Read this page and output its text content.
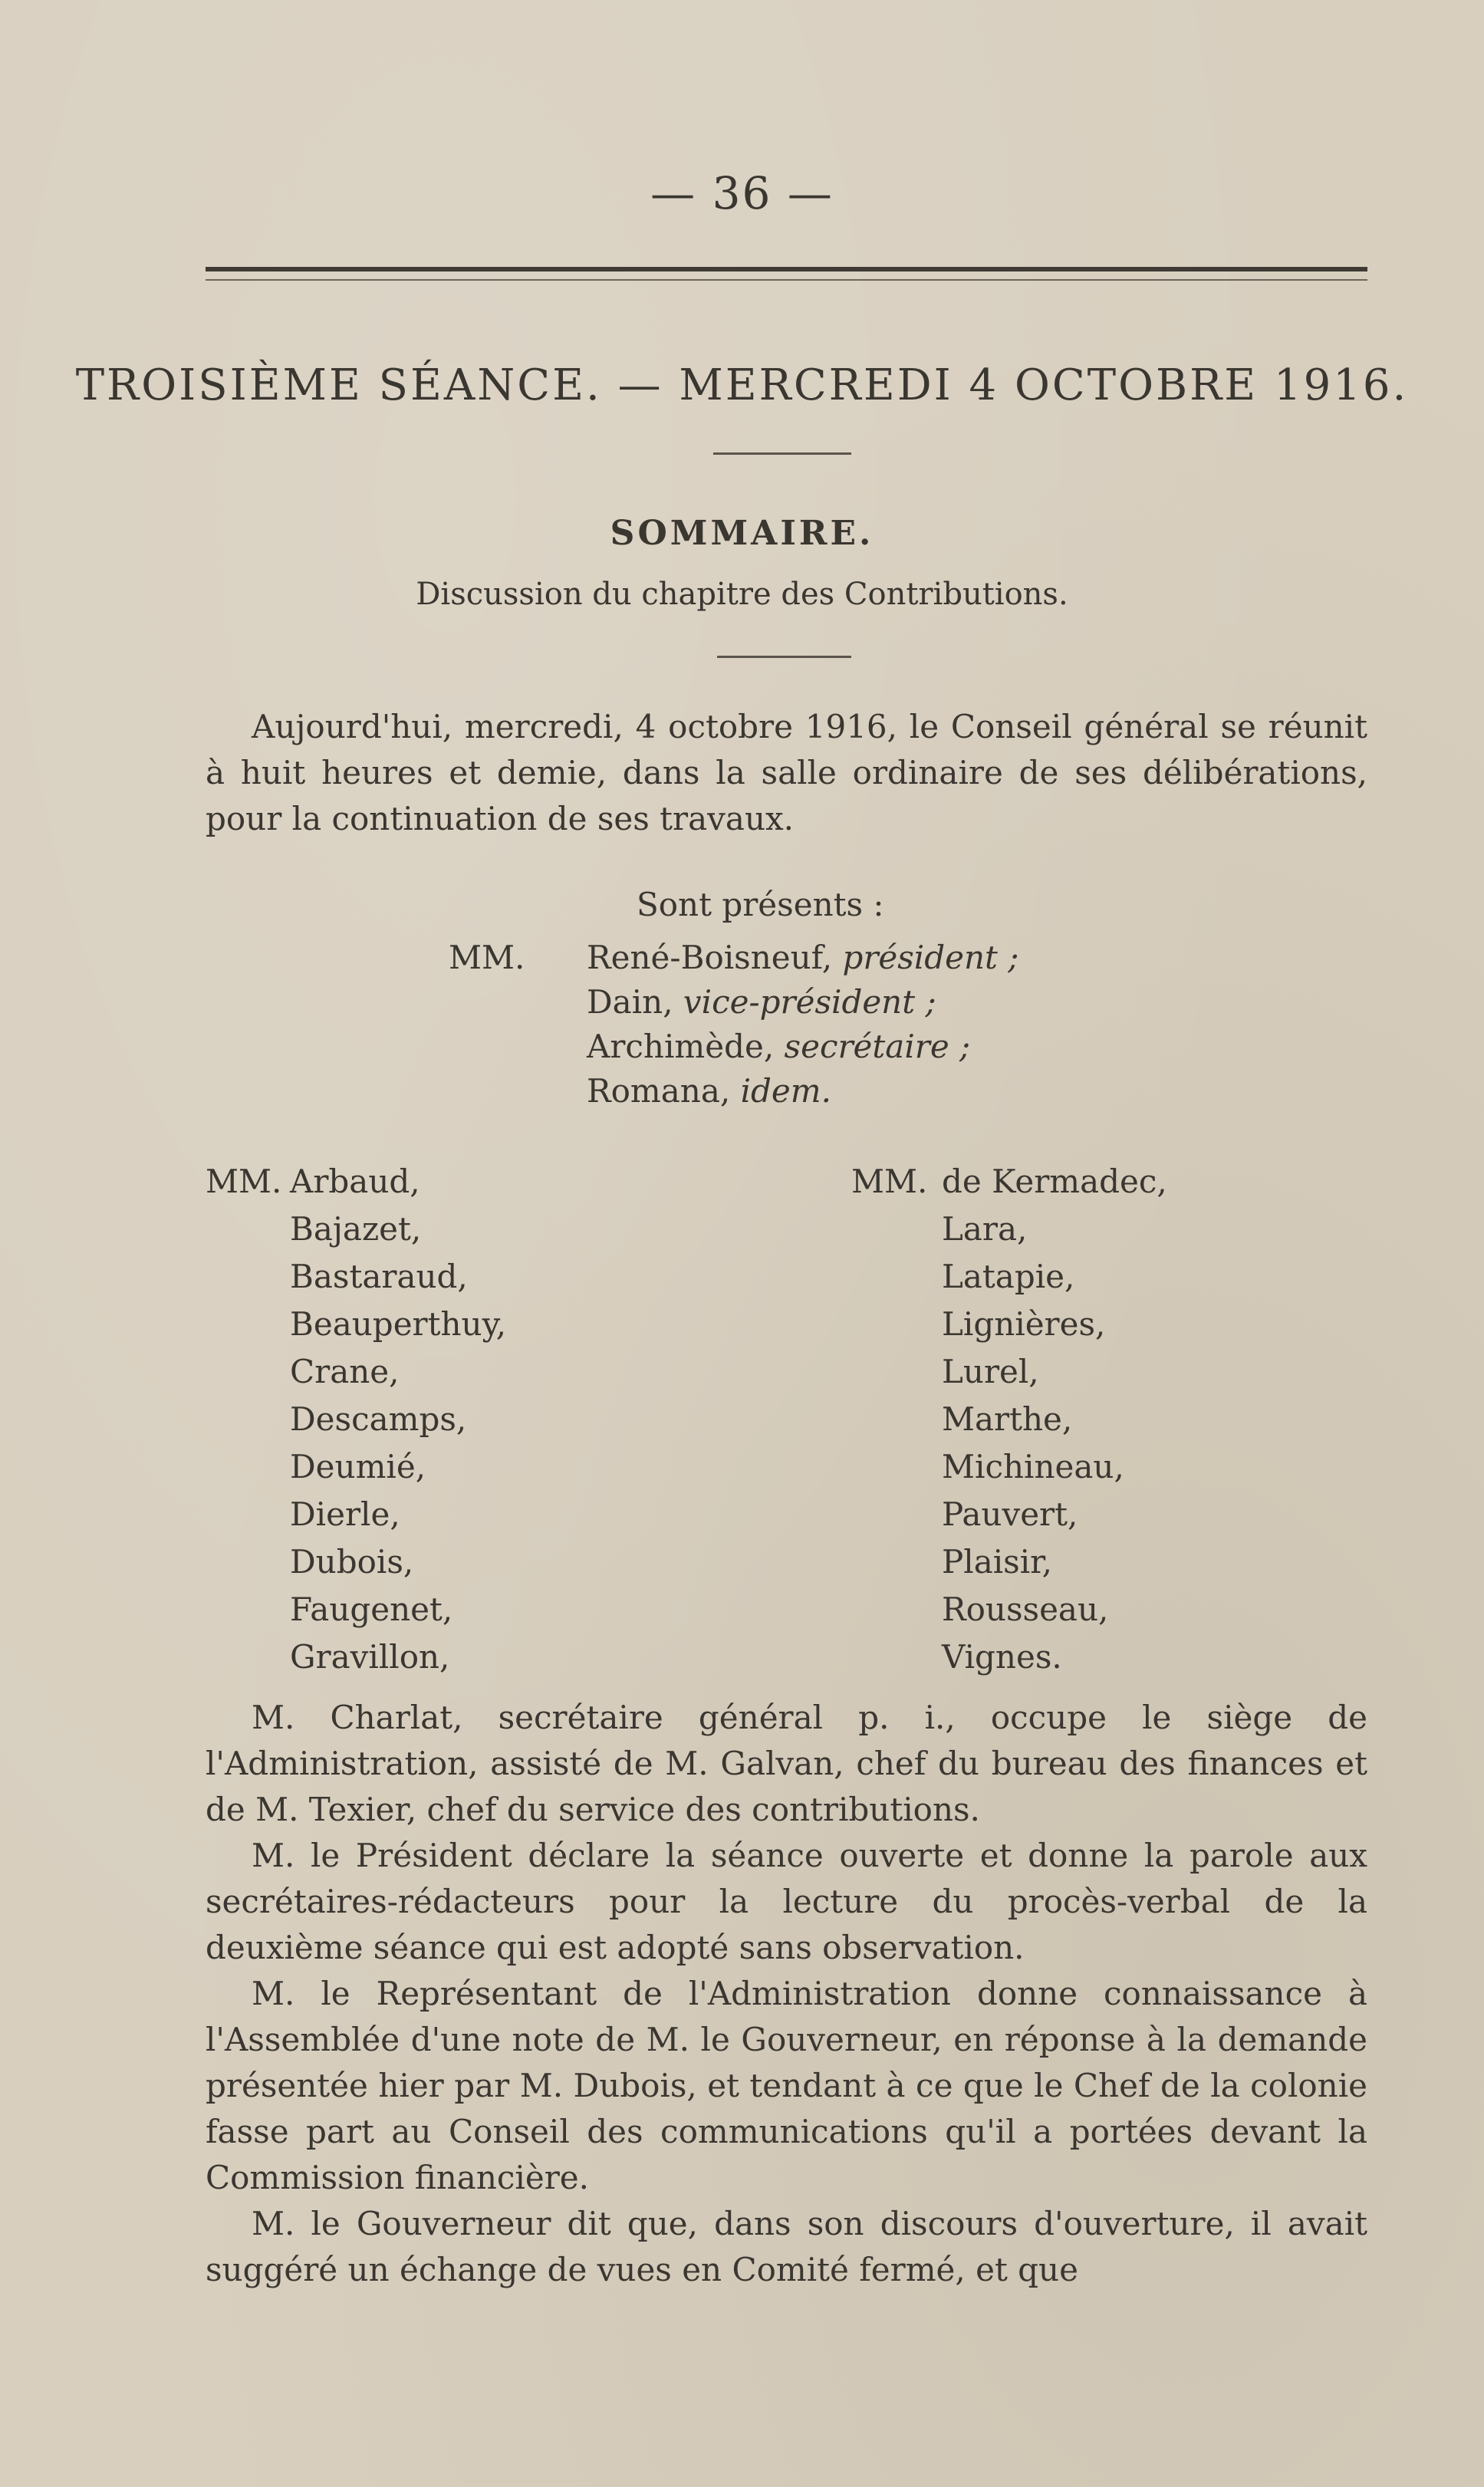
— 36 —
TROISIÈME SÉANCE. — MERCREDI 4 OCTOBRE 1916.
SOMMAIRE.
Discussion du chapitre des Contributions.

Aujourd'hui, mercredi, 4 octobre 1916, le Conseil général se réunit à huit heures et demie, dans la salle ordinaire de ses délibérations, pour la continuation de ses travaux.

Sont présents :
MM. René-Boisneuf, président ;
Dain, vice-président ;
Archimède, secrétaire ;
Romana, idem.
MM. Arbaud,
Bajazet,
Bastaraud,
Beauperthuy,
Crane,
Descamps,
Deumié,
Dierle,
Dubois,
Faugenet,
Gravillon,
MM. de Kermadec,
Lara,
Latapie,
Lignières,
Lurel,
Marthe,
Michineau,
Pauvert,
Plaisir,
Rousseau,
Vignes.

M. Charlat, secrétaire général p. i., occupe le siège de l'Administration, assisté de M. Galvan, chef du bureau des finances et de M. Texier, chef du service des contributions.

M. le Président déclare la séance ouverte et donne la parole aux secrétaires-rédacteurs pour la lecture du procès-verbal de la deuxième séance qui est adopté sans observation.

M. le Représentant de l'Administration donne connaissance à l'Assemblée d'une note de M. le Gouverneur, en réponse à la demande présentée hier par M. Dubois, et tendant à ce que le Chef de la colonie fasse part au Conseil des communications qu'il a portées devant la Commission financière.

M. le Gouverneur dit que, dans son discours d'ouverture, il avait suggéré un échange de vues en Comité fermé, et que
